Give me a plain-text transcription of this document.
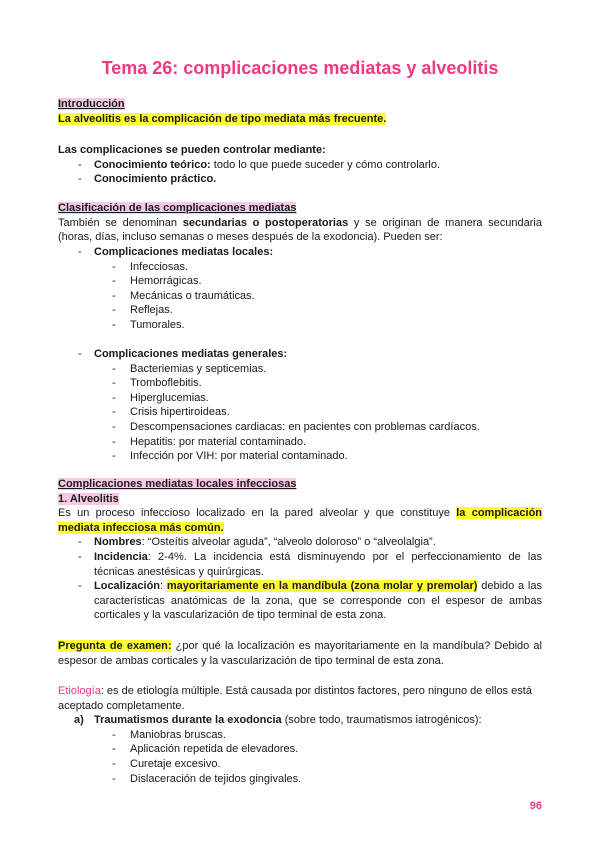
Tema 26: complicaciones mediatas y alveolitis
Introducción
La alveolitis es la complicación de tipo mediata más frecuente.
Las complicaciones se pueden controlar mediante:
- Conocimiento teórico: todo lo que puede suceder y cómo controlarlo.
- Conocimiento práctico.
Clasificación de las complicaciones mediatas
También se denominan secundarias o postoperatorias y se originan de manera secundaria (horas, días, incluso semanas o meses después de la exodoncia). Pueden ser:
- Complicaciones mediatas locales:
- Infecciosas.
- Hemorrágicas.
- Mecánicas o traumáticas.
- Reflejas.
- Tumorales.
- Complicaciones mediatas generales:
- Bacteriemias y septicemias.
- Tromboflebitis.
- Hiperglucemias.
- Crisis hipertiroideas.
- Descompensaciones cardiacas: en pacientes con problemas cardíacos.
- Hepatitis: por material contaminado.
- Infección por VIH: por material contaminado.
Complicaciones mediatas locales infecciosas
1. Alveolitis
Es un proceso infeccioso localizado en la pared alveolar y que constituye la complicación mediata infecciosa más común.
- Nombres: “Osteítis alveolar aguda”, “alveolo doloroso” o “alveolalgia”.
- Incidencia: 2-4%. La incidencia está disminuyendo por el perfeccionamiento de las técnicas anestésicas y quirúrgicas.
- Localización: mayoritariamente en la mandíbula (zona molar y premolar) debido a las características anatómicas de la zona, que se corresponde con el espesor de ambas corticales y la vascularización de tipo terminal de esta zona.
Pregunta de examen: ¿por qué la localización es mayoritariamente en la mandíbula? Debido al espesor de ambas corticales y la vascularización de tipo terminal de esta zona.
Etiología: es de etiología múltiple. Está causada por distintos factores, pero ninguno de ellos está aceptado completamente.
a) Traumatismos durante la exodoncia (sobre todo, traumatismos iatrogénicos):
- Maniobras bruscas.
- Aplicación repetida de elevadores.
- Curetaje excesivo.
- Dislaceración de tejidos gingivales.
96
